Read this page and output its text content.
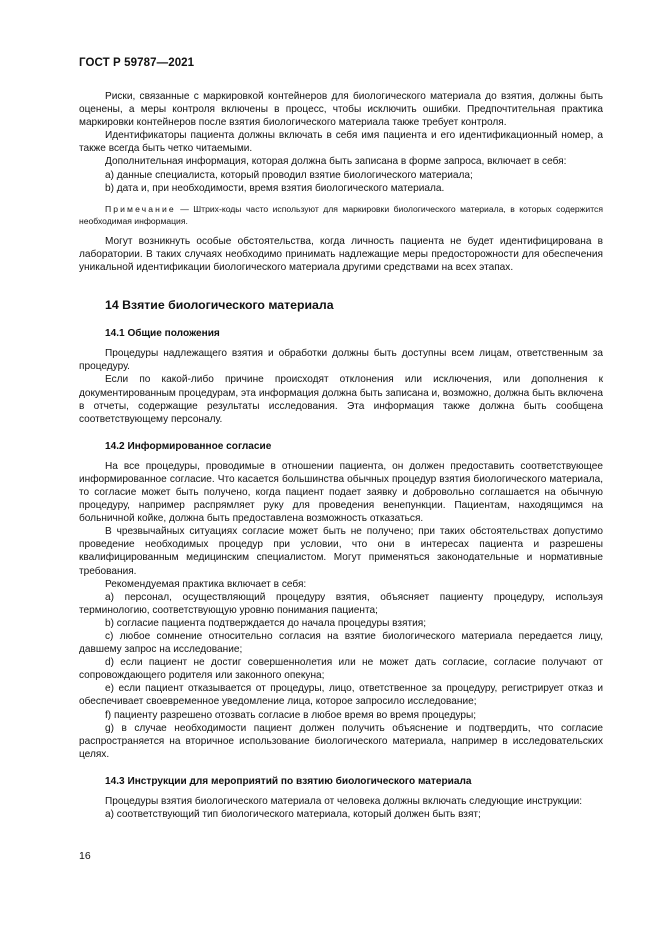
ГОСТ Р 59787—2021

Риски, связанные с маркировкой контейнеров для биологического материала до взятия, должны быть оценены, а меры контроля включены в процесс, чтобы исключить ошибки. Предпочтительная практика маркировки контейнеров после взятия биологического материала также требует контроля.

Идентификаторы пациента должны включать в себя имя пациента и его идентификационный номер, а также всегда быть четко читаемыми.

Дополнительная информация, которая должна быть записана в форме запроса, включает в себя:

a) данные специалиста, который проводил взятие биологического материала;

b) дата и, при необходимости, время взятия биологического материала.

Примечание — Штрих-коды часто используют для маркировки биологического материала, в которых содержится необходимая информация.

Могут возникнуть особые обстоятельства, когда личность пациента не будет идентифицирована в лаборатории. В таких случаях необходимо принимать надлежащие меры предосторожности для обеспечения уникальной идентификации биологического материала другими средствами на всех этапах.

14 Взятие биологического материала
14.1 Общие положения

Процедуры надлежащего взятия и обработки должны быть доступны всем лицам, ответственным за процедуру.

Если по какой-либо причине происходят отклонения или исключения, или дополнения к документированным процедурам, эта информация должна быть записана и, возможно, должна быть включена в отчеты, содержащие результаты исследования. Эта информация также должна быть сообщена соответствующему персоналу.

14.2 Информированное согласие

На все процедуры, проводимые в отношении пациента, он должен предоставить соответствующее информированное согласие. Что касается большинства обычных процедур взятия биологического материала, то согласие может быть получено, когда пациент подает заявку и добровольно соглашается на обычную процедуру, например распрямляет руку для проведения венепункции. Пациентам, находящимся на больничной койке, должна быть предоставлена возможность отказаться.

В чрезвычайных ситуациях согласие может быть не получено; при таких обстоятельствах допустимо проведение необходимых процедур при условии, что они в интересах пациента и разрешены квалифицированным медицинским специалистом. Могут применяться законодательные и нормативные требования.

Рекомендуемая практика включает в себя:

a) персонал, осуществляющий процедуру взятия, объясняет пациенту процедуру, используя терминологию, соответствующую уровню понимания пациента;

b) согласие пациента подтверждается до начала процедуры взятия;

c) любое сомнение относительно согласия на взятие биологического материала передается лицу, давшему запрос на исследование;

d) если пациент не достиг совершеннолетия или не может дать согласие, согласие получают от сопровождающего родителя или законного опекуна;

e) если пациент отказывается от процедуры, лицо, ответственное за процедуру, регистрирует отказ и обеспечивает своевременное уведомление лица, которое запросило исследование;

f) пациенту разрешено отозвать согласие в любое время во время процедуры;

g) в случае необходимости пациент должен получить объяснение и подтвердить, что согласие распространяется на вторичное использование биологического материала, например в исследовательских целях.

14.3 Инструкции для мероприятий по взятию биологического материала

Процедуры взятия биологического материала от человека должны включать следующие инструкции:

a) соответствующий тип биологического материала, который должен быть взят;

16
